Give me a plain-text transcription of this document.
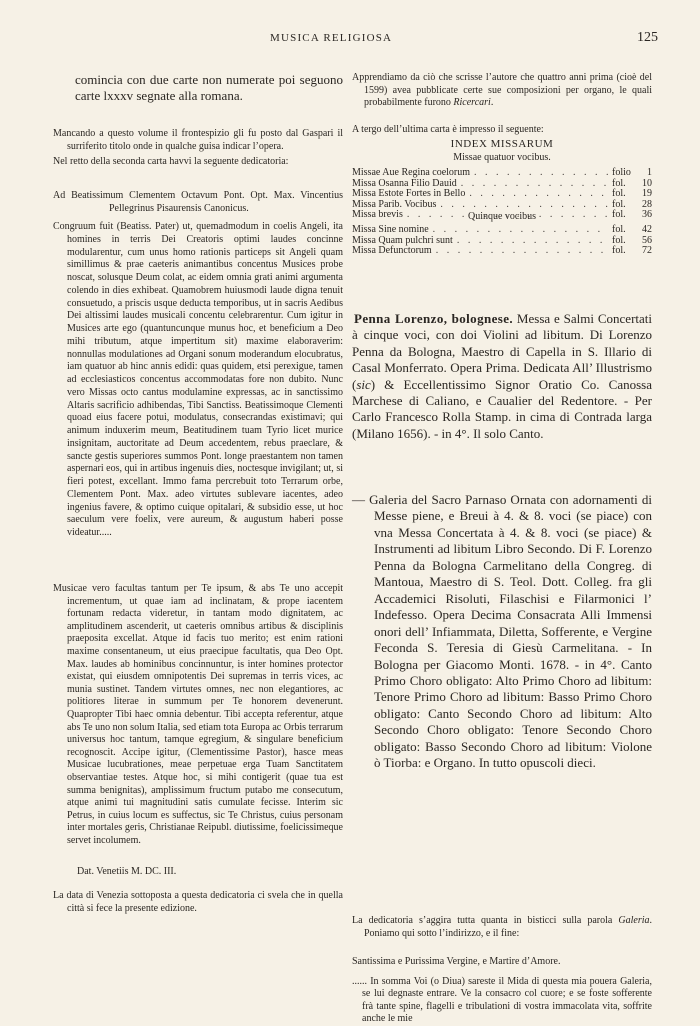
MUSICA RELIGIOSA	125

comincia con due carte non numerate poi seguono carte lxxxv segnate alla romana.

Mancando a questo volume il frontespizio gli fu posto dal Gaspari il surriferito titolo onde in qualche guisa indicar l’opera.

Nel retto della seconda carta havvi la seguente dedicatoria:

Ad Beatissimum Clementem Octavum Pont. Opt. Max. Vincentius Pellegrinus Pisaurensis Canonicus.

Congruum fuit (Beatiss. Pater) ut, quemadmodum in coelis Angeli, ita homines in terris Dei Creatoris optimi laudes concinne modularentur, cum unus homo rationis particeps sit Angeli quam simillimus & prae caeteris animantibus concentus Musices probe noscat, solusque Deum colat, ac eidem omnia grati animi argumenta colendo in dies exhibeat. Quamobrem huiusmodi laude digna tenuit consuetudo, a priscis usque deducta temporibus, ut in sacris Aedibus Dei altissimi laudes musicali concentu celebrarentur. Cum igitur in Musices arte ego (quantuncunque munus hoc, et beneficium a Deo mihi tributum, atque impertitum sit) maxime elaboraverim: nonnullas modulationes ad Organi sonum moderandum elocubratus, iam quatuor ab hinc annis edidi: quas quidem, etsi perexigue, tamen ad ecclesiasticos concentus accommodatas fore non dubito. Nunc vero Missas octo cantus modulamine expressas, ac in sanctissimo Altaris sacrificio adhibendas, Tibi Sanctiss. Beatissimoque Clementi quoad eius facere potui, modulatus, consecrandas existimavi; qui animum induxerim meum, Beatitudinem tuam Tyrio licet murice insignitam, auctoritate ad Deum accedentem, rebus praeclare, & sancte gestis superiores summos Pont. longe praestantem non tamen aspernari eos, qui in artibus ingenuis dies, noctesque invigilant; ut, si fieri potest, excellant. Immo fama percrebuit toto Terrarum orbe, Clementem Pont. Max. adeo virtutes sublevare iacentes, adeo ingenius favere, & optimo cuique opitalari, & subsidio esse, ut hoc saeculum vere foelix, vere aureum, & augustum haberi posse videatur.....

Musicae vero facultas tantum per Te ipsum, & abs Te uno accepit incrementum, ut quae iam ad inclinatam, & prope iacentem fortunam redacta videretur, in tantam modo dignitatem, ac amplitudinem ascenderit, ut caeteris omnibus artibus & disciplinis praeposita excellat. Atque id facis tuo merito; est enim rationi maxime consentaneum, ut eius praecipue facultatis, qua Deo Opt. Max. laudes ab hominibus concinnuntur, is inter homines protector existat, qui eiusdem omnipotentis Dei supremas in terris vices, ac munia sustinet. Tandem virtutes omnes, nec non elegantiores, ac politiores literae in summum per Te honorem devenerunt. Quapropter Tibi haec omnia debentur. Tibi accepta referentur, atque abs Te uno non solum Italia, sed etiam tota Europa ac Orbis terrarum universus hoc tantum, tamque egregium, & singulare beneficium recognoscit. Accipe igitur, (Clementissime Pastor), hasce meas Musicae lucubrationes, meae perpetuae erga Tuam Sanctitatem observantiae testes. Atque hoc, si mihi contigerit (quae tua est summa benignitas), amplissimum fructum putabo me consecutum, atque animi tui magnitudini satis cumulate fecisse. Interim sic Petrus, in cuius locum es suffectus, sic Te Christus, cuius personam inter mortales geris, Christianae Reipubl. diutissime, foelicissimeque servet incolumem.

Dat. Venetiis M. DC. III.

La data di Venezia sottoposta a questa dedicatoria ci svela che in quella città si fece la presente edizione.

Apprendiamo da ciò che scrisse l’autore che quattro anni prima (cioè del 1599) avea pubblicate certe sue composizioni per organo, le quali probabilmente furono Ricercari.

A tergo dell’ultima carta è impresso il seguente:

INDEX MISSARUM
Missae quatuor vocibus.
Missae Aue Regina coelorum . . .	folio	1
Missa Osanna Filio Dauid . . .	fol.	10
Missa Estote Fortes in Bello . . .	fol.	19
Missa Parib. Vocibus . . .	fol.	28
Missa brevis . . .	fol.	36
Quinque vocibus
Missa Sine nomine . . .	fol.	42
Missa Quam pulchri sunt . . .	fol.	56
Missa Defunctorum . . .	fol.	72

Penna Lorenzo, bolognese. Messa e Salmi Concertati à cinque voci, con doi Violini ad libitum. Di Lorenzo Penna da Bologna, Maestro di Capella in S. Illario di Casal Monferrato. Opera Prima. Dedicata All’ Illustrismo (sic) & Eccellentissimo Signor Oratio Co. Canossa Marchese di Caliano, e Caualier del Redentore. - Per Carlo Francesco Rolla Stamp. in cima di Contrada larga (Milano 1656). - in 4°. Il solo Canto.

— Galeria del Sacro Parnaso Ornata con adornamenti di Messe piene, e Breui à 4. & 8. voci (se piace) con vna Messa Concertata à 4. & 8. voci (se piace) & Instrumenti ad libitum Libro Secondo. Di F. Lorenzo Penna da Bologna Carmelitano della Congreg. di Mantoua, Maestro di S. Teol. Dott. Colleg. fra gli Accademici Risoluti, Filaschisi e Filarmonici l’ Indefesso. Opera Decima Consacrata Alli Immensi onori dell’ Infiammata, Diletta, Sofferente, e Vergine Feconda S. Teresia di Giesù Carmelitana. - In Bologna per Giacomo Monti. 1678. - in 4°. Canto Primo Choro obligato: Alto Primo Choro ad libitum: Tenore Primo Choro ad libitum: Basso Primo Choro obligato: Canto Secondo Choro ad libitum: Alto Secondo Choro obligato: Tenore Secondo Choro obligato: Basso Secondo Choro ad libitum: Violone ò Tiorba: e Organo. In tutto opuscoli dieci.

La dedicatoria s’aggira tutta quanta in bisticci sulla parola Galeria. Poniamo qui sotto l’indirizzo, e il fine:

Santissima e Purissima Vergine, e Martire d’Amore.

...... In somma Voi (o Diua) sareste il Mida di questa mia pouera Galeria, se lui degnaste entrare. Ve la consacro col cuore; e se foste sofferente frà tante spine, flagelli e tribulationi di vostra immacolata vita, soffrite anche le mie
